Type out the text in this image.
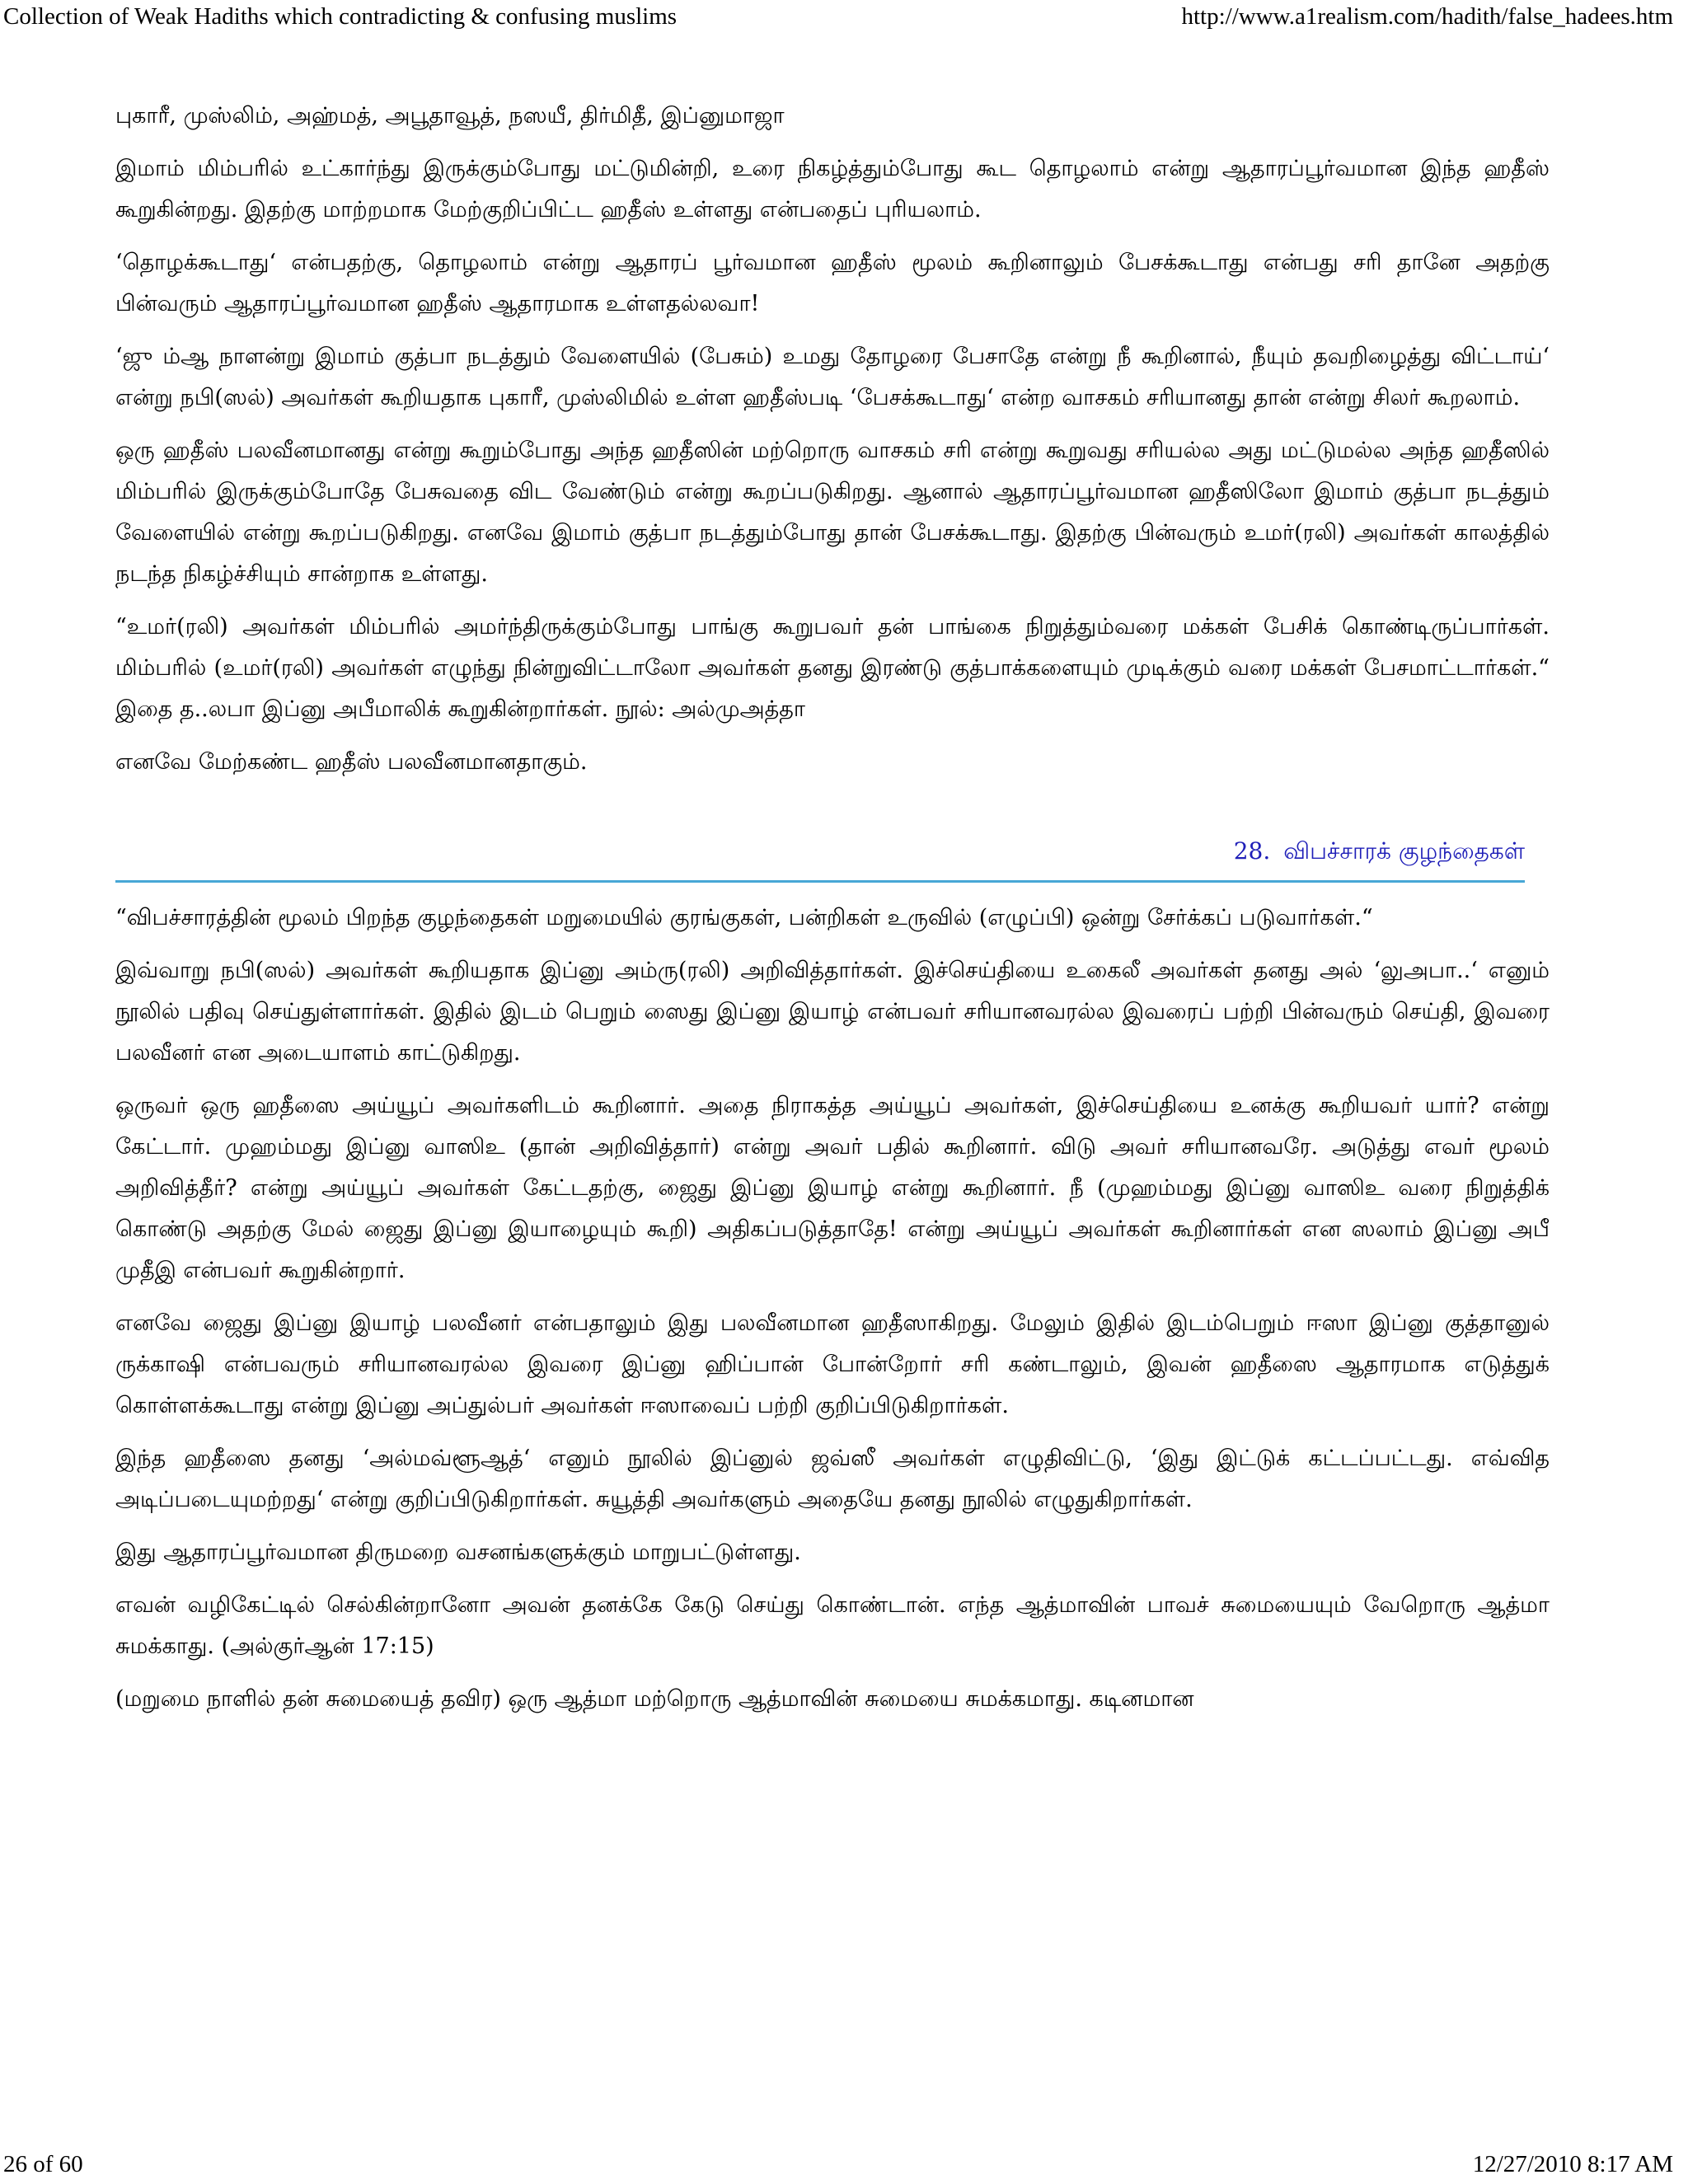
Collection of Weak Hadiths which contradicting & confusing muslims	http://www.a1realism.com/hadith/false_hadees.htm

புகாரீ, முஸ்லிம், அஹ்மத், அபூதாவூத், நஸயீ, திர்மிதீ, இப்னுமாஜா

இமாம் மிம்பரில் உட்கார்ந்து இருக்கும்போது மட்டுமின்றி, உரை நிகழ்த்தும்போது கூட தொழலாம் என்று ஆதாரப்பூர்வமான இந்த ஹதீஸ் கூறுகின்றது. இதற்கு மாற்றமாக மேற்குறிப்பிட்ட ஹதீஸ் உள்ளது என்பதைப் புரியலாம்.

‘தொழக்கூடாது‘ என்பதற்கு, தொழலாம் என்று ஆதாரப் பூர்வமான ஹதீஸ் மூலம் கூறினாலும் பேசக்கூடாது என்பது சரி தானே அதற்கு பின்வரும் ஆதாரப்பூர்வமான ஹதீஸ் ஆதாரமாக உள்ளதல்லவா!

‘ஜு ம்ஆ நாளன்று இமாம் குத்பா நடத்தும் வேளையில் (பேசும்) உமது தோழரை பேசாதே என்று நீ கூறினால், நீயும் தவறிழைத்து விட்டாய்‘ என்று நபி(ஸல்) அவர்கள் கூறியதாக புகாரீ, முஸ்லிமில் உள்ள ஹதீஸ்படி ‘பேசக்கூடாது‘ என்ற வாசகம் சரியானது தான் என்று சிலர் கூறலாம்.

ஒரு ஹதீஸ் பலவீனமானது என்று கூறும்போது அந்த ஹதீஸின் மற்றொரு வாசகம் சரி என்று கூறுவது சரியல்ல அது மட்டுமல்ல அந்த ஹதீஸில் மிம்பரில் இருக்கும்போதே பேசுவதை விட வேண்டும் என்று கூறப்படுகிறது. ஆனால் ஆதாரப்பூர்வமான ஹதீஸிலோ இமாம் குத்பா நடத்தும் வேளையில் என்று கூறப்படுகிறது. எனவே இமாம் குத்பா நடத்தும்போது தான் பேசக்கூடாது. இதற்கு பின்வரும் உமர்(ரலி) அவர்கள் காலத்தில் நடந்த நிகழ்ச்சியும் சான்றாக உள்ளது.

“உமர்(ரலி) அவர்கள் மிம்பரில் அமர்ந்திருக்கும்போது பாங்கு கூறுபவர் தன் பாங்கை நிறுத்தும்வரை மக்கள் பேசிக் கொண்டிருப்பார்கள். மிம்பரில் (உமர்(ரலி) அவர்கள் எழுந்து நின்றுவிட்டாலோ அவர்கள் தனது இரண்டு குத்பாக்களையும் முடிக்கும் வரை மக்கள் பேசமாட்டார்கள்.“ இதை த..லபா இப்னு அபீமாலிக் கூறுகின்றார்கள். நூல்: அல்முஅத்தா

எனவே மேற்கண்ட ஹதீஸ் பலவீனமானதாகும்.

28. விபச்சாரக் குழந்தைகள்

“விபச்சாரத்தின் மூலம் பிறந்த குழந்தைகள் மறுமையில் குரங்குகள், பன்றிகள் உருவில் (எழுப்பி) ஒன்று சேர்க்கப் படுவார்கள்.“

இவ்வாறு நபி(ஸல்) அவர்கள் கூறியதாக இப்னு அம்ரு(ரலி) அறிவித்தார்கள். இச்செய்தியை உகைலீ அவர்கள் தனது அல் ‘லுஅபா..‘ எனும் நூலில் பதிவு செய்துள்ளார்கள். இதில் இடம் பெறும் ஸைது இப்னு இயாழ் என்பவர் சரியானவரல்ல இவரைப் பற்றி பின்வரும் செய்தி, இவரை பலவீனர் என அடையாளம் காட்டுகிறது.

ஒருவர் ஒரு ஹதீஸை அய்யூப் அவர்களிடம் கூறினார். அதை நிராகத்த அய்யூப் அவர்கள், இச்செய்தியை உனக்கு கூறியவர் யார்? என்று கேட்டார். முஹம்மது இப்னு வாஸிஉ (தான் அறிவித்தார்) என்று அவர் பதில் கூறினார். விடு அவர் சரியானவரே. அடுத்து எவர் மூலம் அறிவித்தீர்? என்று அய்யூப் அவர்கள் கேட்டதற்கு, ஜைது இப்னு இயாழ் என்று கூறினார். நீ (முஹம்மது இப்னு வாஸிஉ வரை நிறுத்திக் கொண்டு அதற்கு மேல் ஜைது இப்னு இயாழையும் கூறி) அதிகப்படுத்தாதே! என்று அய்யூப் அவர்கள் கூறினார்கள் என ஸலாம் இப்னு அபீ முதீஇ என்பவர் கூறுகின்றார்.

எனவே ஜைது இப்னு இயாழ் பலவீனர் என்பதாலும் இது பலவீனமான ஹதீஸாகிறது. மேலும் இதில் இடம்பெறும் ஈஸா இப்னு குத்தானுல் ருக்காஷி என்பவரும் சரியானவரல்ல இவரை இப்னு ஹிப்பான் போன்றோர் சரி கண்டாலும், இவன் ஹதீஸை ஆதாரமாக எடுத்துக் கொள்ளக்கூடாது என்று இப்னு அப்துல்பர் அவர்கள் ஈஸாவைப் பற்றி குறிப்பிடுகிறார்கள்.

இந்த ஹதீஸை தனது ‘அல்மவ்ளூஆத்‘ எனும் நூலில் இப்னுல் ஜவ்ஸீ அவர்கள் எழுதிவிட்டு, ‘இது இட்டுக் கட்டப்பட்டது. எவ்வித அடிப்படையுமற்றது‘ என்று குறிப்பிடுகிறார்கள். சுயூத்தி அவர்களும் அதையே தனது நூலில் எழுதுகிறார்கள்.

இது ஆதாரப்பூர்வமான திருமறை வசனங்களுக்கும் மாறுபட்டுள்ளது.

எவன் வழிகேட்டில் செல்கின்றானோ அவன் தனக்கே கேடு செய்து கொண்டான். எந்த ஆத்மாவின் பாவச் சுமையையும் வேறொரு ஆத்மா சுமக்காது. (அல்குர்ஆன் 17:15)

(மறுமை நாளில் தன் சுமையைத் தவிர) ஒரு ஆத்மா மற்றொரு ஆத்மாவின் சுமையை சுமக்கமாது. கடினமான

26 of 60	12/27/2010 8:17 AM
